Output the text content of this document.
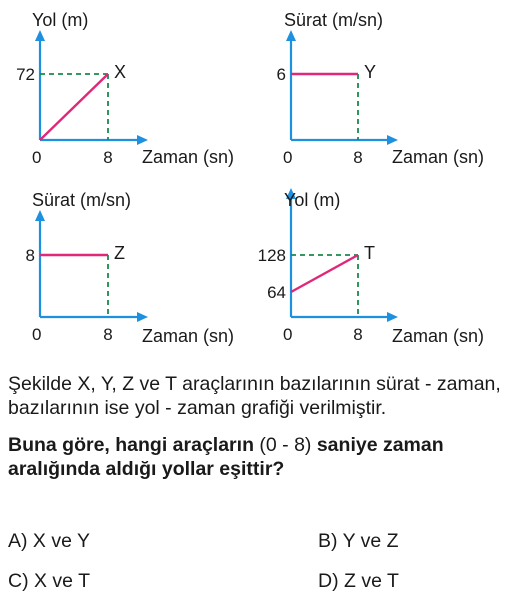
Yol (m)
Zaman (sn)
0	8
72	X
Sürat (m/sn)
Zaman (sn)
0	8
6	Y
Sürat (m/sn)
Zaman (sn)
0	8
8	Z
Yol (m)
Zaman (sn)
0	8
128
64
T

Şekilde X, Y, Z ve T araçlarının bazılarının sürat - zaman, bazılarının ise yol - zaman grafiği verilmiştir.

Buna göre, hangi araçların (0 - 8) saniye zaman aralığında aldığı yollar eşittir?

A) X ve Y	B) Y ve Z
C) X ve T	D) Z ve T
